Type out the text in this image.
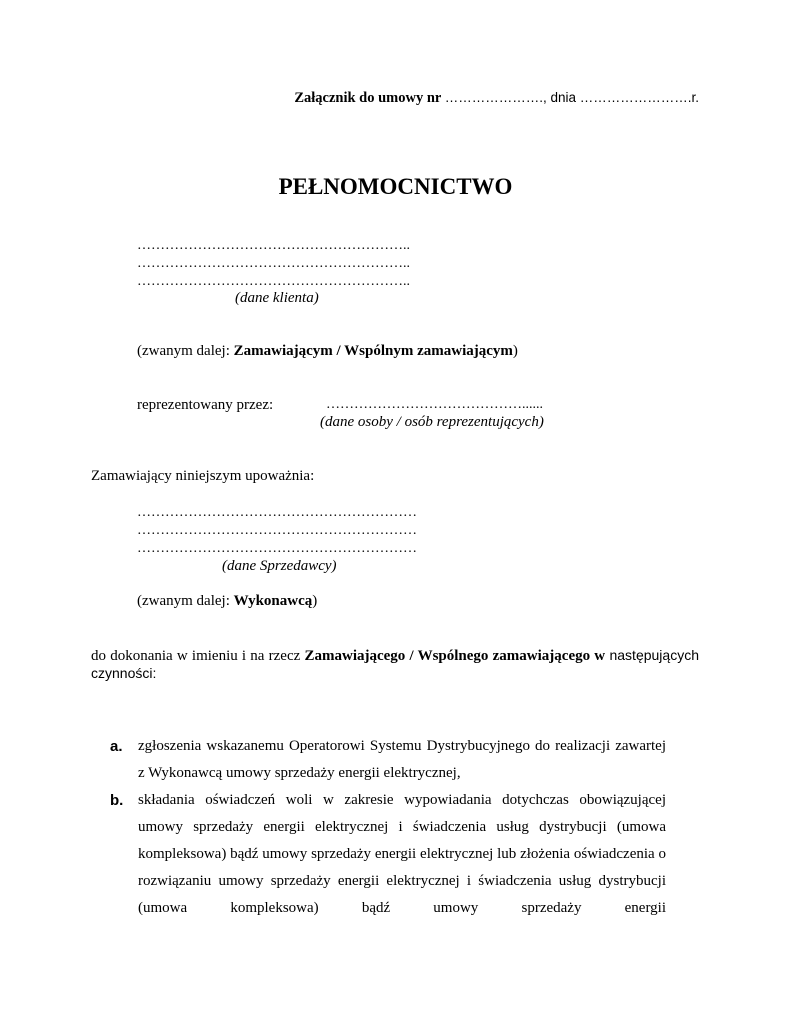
Załącznik do umowy nr …………………., dnia …………………….r.
PEŁNOMOCNICTWO
…………………………………………………..
…………………………………………………..
…………………………………………………..
(dane klienta)
(zwanym dalej: Zamawiającym / Wspólnym zamawiającym)
reprezentowany przez:	……………………………………......
(dane osoby / osób reprezentujących)
Zamawiający niniejszym upoważnia:
……………………………………………………
……………………………………………………
……………………………………………………
(dane Sprzedawcy)
(zwanym dalej: Wykonawcą)
do dokonania w imieniu i na rzecz Zamawiającego / Wspólnego zamawiającego w następujących czynności:
a. zgłoszenia wskazanemu Operatorowi Systemu Dystrybucyjnego do realizacji zawartej z Wykonawcą umowy sprzedaży energii elektrycznej,
b. składania oświadczeń woli w zakresie wypowiadania dotychczas obowiązującej umowy sprzedaży energii elektrycznej i świadczenia usług dystrybucji (umowa kompleksowa) bądź umowy sprzedaży energii elektrycznej lub złożenia oświadczenia o rozwiązaniu umowy sprzedaży energii elektrycznej i świadczenia usług dystrybucji (umowa kompleksowa) bądź umowy sprzedaży energii
